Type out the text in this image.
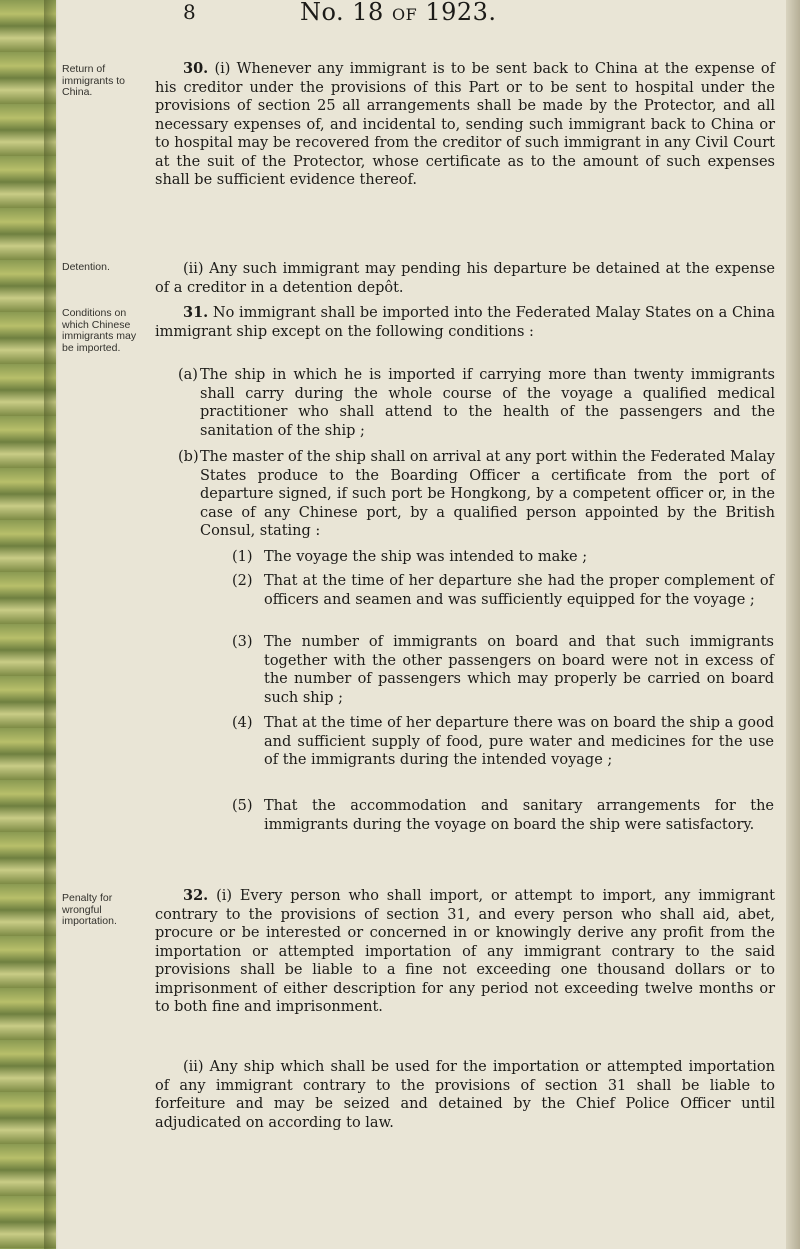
8	No. 18 OF 1923.
Return of immigrants to China.
Detention.
Conditions on which Chinese immigrants may be imported.
Penalty for wrongful importation.

30. (i) Whenever any immigrant is to be sent back to China at the expense of his creditor under the provisions of this Part or to be sent to hospital under the provisions of section 25 all arrangements shall be made by the Protector, and all necessary expenses of, and incidental to, sending such immigrant back to China or to hospital may be recovered from the creditor of such immigrant in any Civil Court at the suit of the Protector, whose certificate as to the amount of such expenses shall be sufficient evidence thereof.

(ii) Any such immigrant may pending his departure be detained at the expense of a creditor in a detention depôt.

31. No immigrant shall be imported into the Federated Malay States on a China immigrant ship except on the following conditions :

(a) The ship in which he is imported if carrying more than twenty immigrants shall carry during the whole course of the voyage a qualified medical practitioner who shall attend to the health of the passengers and the sanitation of the ship ;

(b) The master of the ship shall on arrival at any port within the Federated Malay States produce to the Boarding Officer a certificate from the port of departure signed, if such port be Hongkong, by a competent officer or, in the case of any Chinese port, by a qualified person appointed by the British Consul, stating :

(1) The voyage the ship was intended to make ;

(2) That at the time of her departure she had the proper complement of officers and seamen and was sufficiently equipped for the voyage ;

(3) The number of immigrants on board and that such immigrants together with the other passengers on board were not in excess of the number of passengers which may properly be carried on board such ship ;

(4) That at the time of her departure there was on board the ship a good and sufficient supply of food, pure water and medicines for the use of the immigrants during the intended voyage ;

(5) That the accommodation and sanitary arrangements for the immigrants during the voyage on board the ship were satisfactory.

32. (i) Every person who shall import, or attempt to import, any immigrant contrary to the provisions of section 31, and every person who shall aid, abet, procure or be interested or concerned in or knowingly derive any profit from the importation or attempted importation of any immigrant contrary to the said provisions shall be liable to a fine not exceeding one thousand dollars or to imprisonment of either description for any period not exceeding twelve months or to both fine and imprisonment.

(ii) Any ship which shall be used for the importation or attempted importation of any immigrant contrary to the provisions of section 31 shall be liable to forfeiture and may be seized and detained by the Chief Police Officer until adjudicated on according to law.
